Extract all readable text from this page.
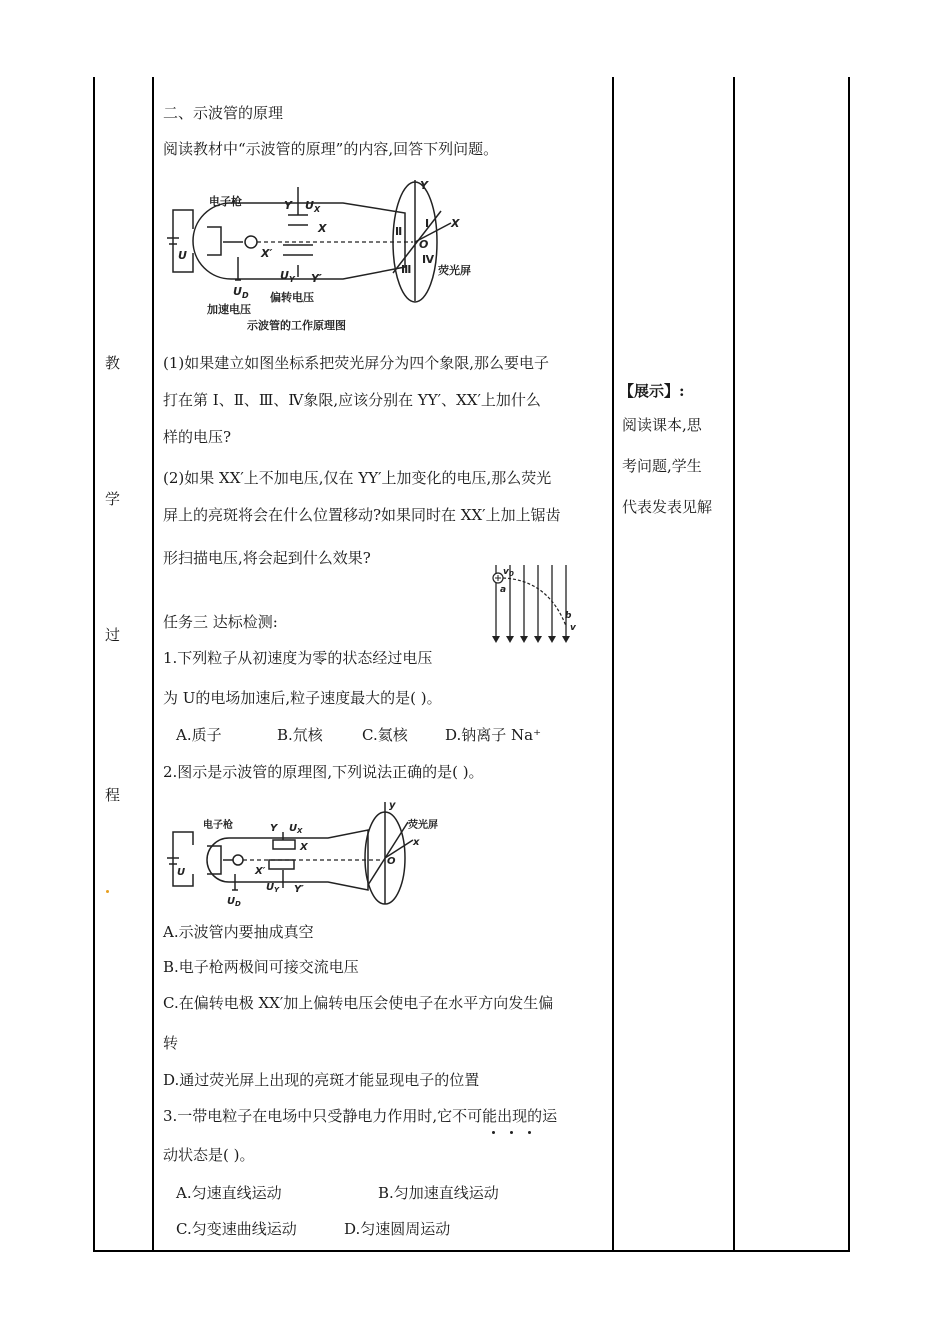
教
学
过
程
二、示波管的原理
阅读教材中“示波管的原理”的内容,回答下列问题。
电子枪
U
U D
加速电压
Y U X
X
X′
U Y Y′
偏转电压
Y
X
O
Ⅰ
Ⅱ
Ⅲ
Ⅳ
荧光屏
示波管的工作原理图
(1)如果建立如图坐标系把荧光屏分为四个象限,那么要电子
打在第 Ⅰ、Ⅱ、Ⅲ、Ⅳ象限,应该分别在 YY′、XX′上加什么
样的电压?
(2)如果 XX′上不加电压,仅在 YY′上加变化的电压,那么荧光
屏上的亮斑将会在什么位置移动?如果同时在 XX′上加上锯齿
形扫描电压,将会起到什么效果?
任务三 达标检测:
v 0
a
b
v
1.下列粒子从初速度为零的状态经过电压
为 U的电场加速后,粒子速度最大的是( )。
A.质子	B.氘核	C.氦核 D.钠离子 Na⁺
2.图示是示波管的原理图,下列说法正确的是( )。
电子枪
U
U D
Y U X
X
X′
U Y Y′
y
荧光屏
x
O
A.示波管内要抽成真空
B.电子枪两极间可接交流电压
C.在偏转电极 XX′加上偏转电压会使电子在水平方向发生偏
转
D.通过荧光屏上出现的亮斑才能显现电子的位置
3.一带电粒子在电场中只受静电力作用时,它不可能出现的运
动状态是( )。
A.匀速直线运动	B.匀加速直线运动
C.匀变速曲线运动	D.匀速圆周运动
【展示】:
阅读课本,思
考问题,学生
代表发表见解
